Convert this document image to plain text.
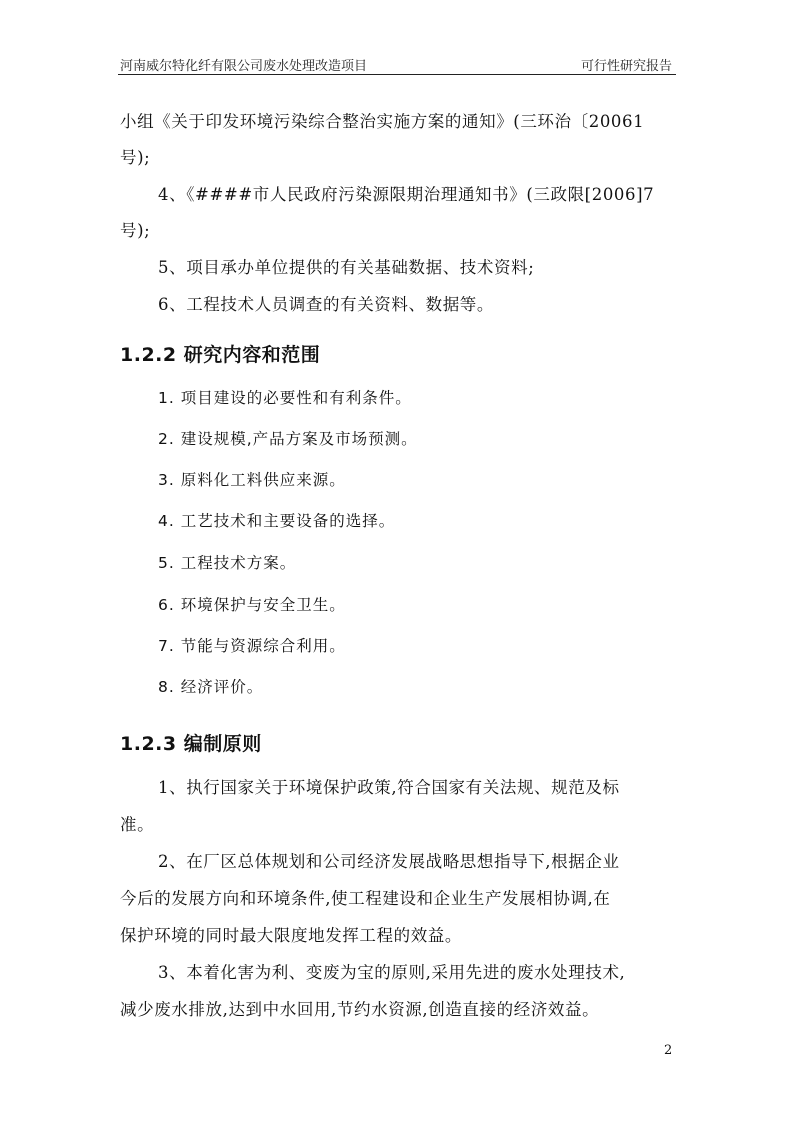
河南威尔特化纤有限公司废水处理改造项目	可行性研究报告
小组《关于印发环境污染综合整治实施方案的通知》(三环治〔20061
号);
4、《####市人民政府污染源限期治理通知书》(三政限[2006]7
号);
5、项目承办单位提供的有关基础数据、技术资料;
6、工程技术人员调查的有关资料、数据等。
1.2.2 研究内容和范围
1. 项目建设的必要性和有利条件。
2. 建设规模,产品方案及市场预测。
3. 原料化工料供应来源。
4. 工艺技术和主要设备的选择。
5. 工程技术方案。
6. 环境保护与安全卫生。
7. 节能与资源综合利用。
8. 经济评价。
1.2.3 编制原则
1、执行国家关于环境保护政策,符合国家有关法规、规范及标
准。
2、在厂区总体规划和公司经济发展战略思想指导下,根据企业
今后的发展方向和环境条件,使工程建设和企业生产发展相协调,在
保护环境的同时最大限度地发挥工程的效益。
3、本着化害为利、变废为宝的原则,采用先进的废水处理技术,
减少废水排放,达到中水回用,节约水资源,创造直接的经济效益。
2
